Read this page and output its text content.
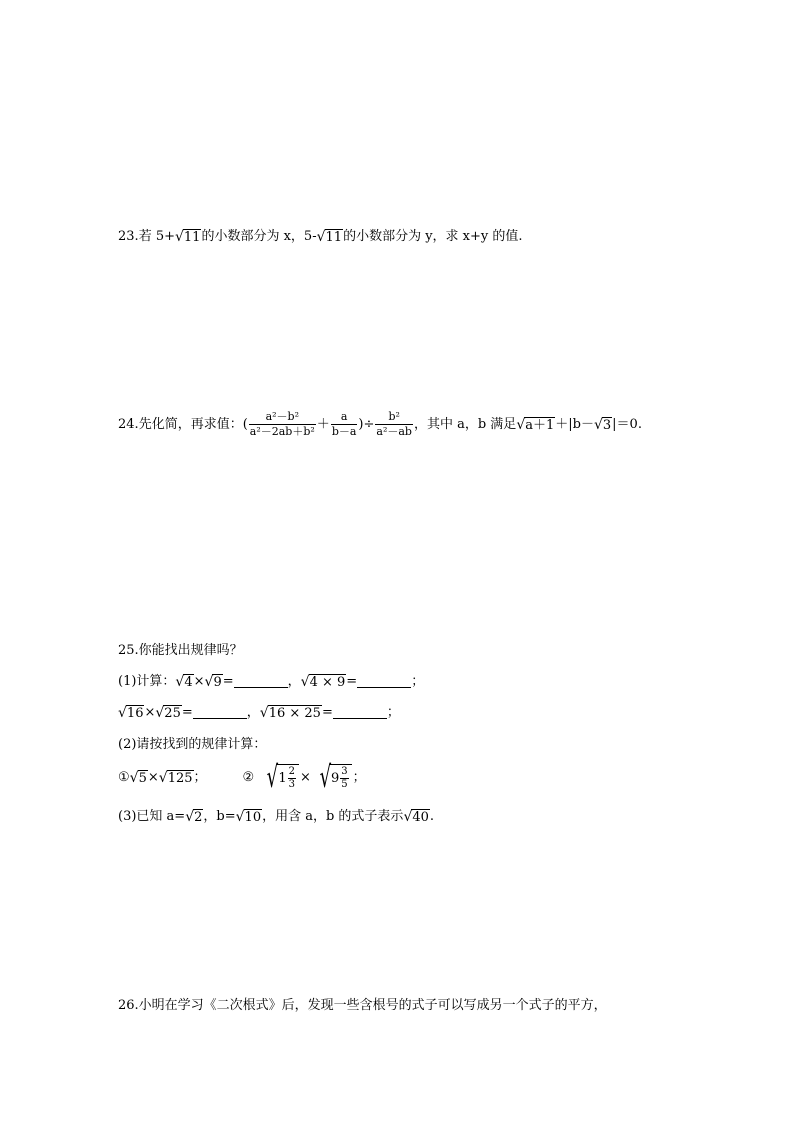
23. 若 5+ √ 11 的小数部分为 x，5- √ 11 的小数部分为 y，求 x+y 的值.
24. 先化简，再求值：( $\frac{\text{a²－b²}}{\text{a²－2ab＋b²}} + \frac{a}{b-a}$ )÷ $\frac{\text{b²}}{\text{a²－ab}}$ ，其中 a，b 满足 √ a＋1 ＋|b－ √ 3 |＝0.
25.你能找出规律吗？
(1)计算： √ 4 × √ 9 =	， √ 4 × 9 =	；
√ 16 × √ 25 =	， √ 16 × 25 =	；
(2)请按找到的规律计算：
① √ 5 × √ 125 ；	② √ $1 \frac{2}{3}$ × √ $9 \frac{3}{5}$ ；
(3)已知 a= √ 2 ，b= √ 10 ，用含 a，b 的式子表示 √ 40 .
26.小明在学习《二次根式》后，发现一些含根号的式子可以写成另一个式子的平方，
